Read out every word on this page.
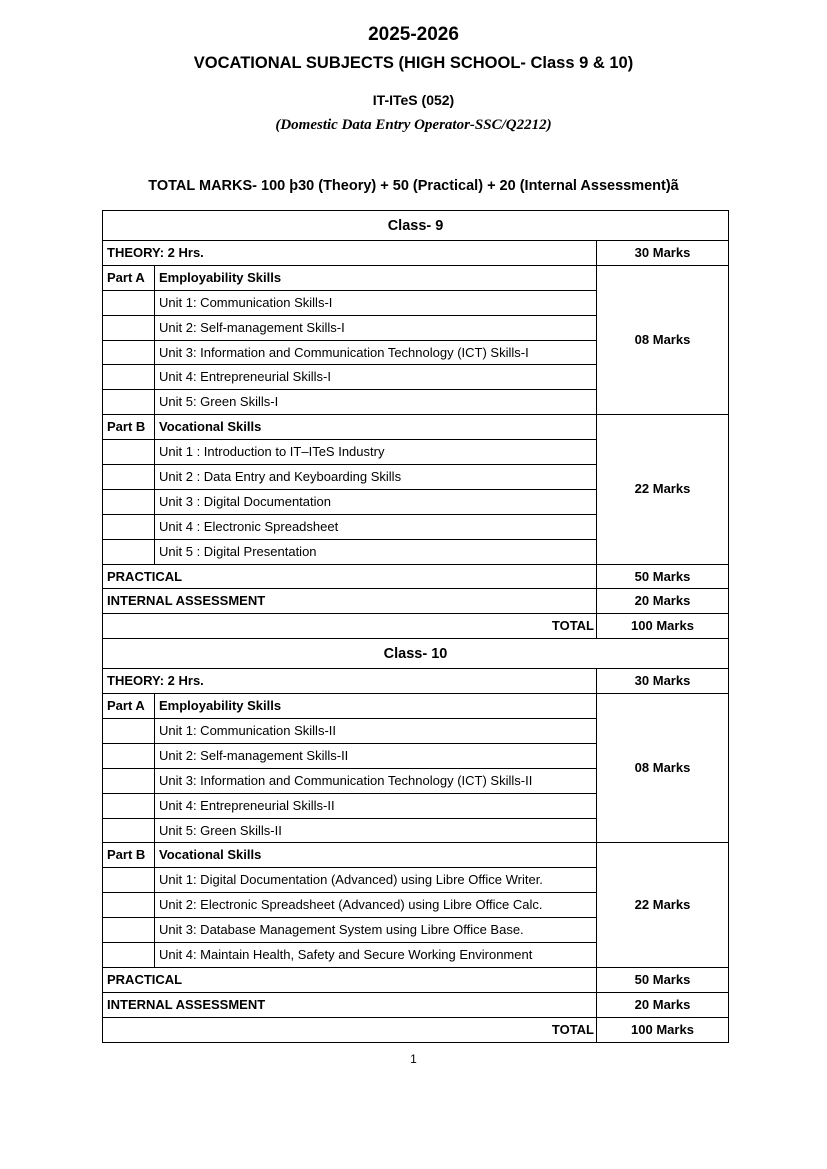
2025-2026
VOCATIONAL SUBJECTS (HIGH SCHOOL- Class 9 & 10)
IT-ITeS (052)
(Domestic Data Entry Operator-SSC/Q2212)
TOTAL MARKS- 100 þ30 (Theory) + 50 (Practical) + 20 (Internal Assessment)ã
Class- 9		
THEORY: 2 Hrs.		30 Marks
Part A	Employability Skills	08 Marks
	Unit 1: Communication Skills-I	
	Unit 2: Self-management Skills-I	
	Unit 3: Information and Communication Technology (ICT) Skills-I	
	Unit 4: Entrepreneurial Skills-I	
	Unit 5: Green Skills-I	
Part B	Vocational Skills	22 Marks
	Unit 1 : Introduction to IT–ITeS Industry	
	Unit 2 : Data Entry and Keyboarding Skills	
	Unit 3 : Digital Documentation	
	Unit 4 : Electronic Spreadsheet	
	Unit 5 : Digital Presentation	
PRACTICAL		50 Marks
INTERNAL ASSESSMENT		20 Marks
TOTAL		100 Marks
Class- 10		
THEORY: 2 Hrs.		30 Marks
Part A	Employability Skills	08 Marks
	Unit 1: Communication Skills-II	
	Unit 2: Self-management Skills-II	
	Unit 3: Information and Communication Technology (ICT) Skills-II	
	Unit 4: Entrepreneurial Skills-II	
	Unit 5: Green Skills-II	
Part B	Vocational Skills	22 Marks
	Unit 1: Digital Documentation (Advanced) using Libre Office Writer.	
	Unit 2: Electronic Spreadsheet (Advanced) using Libre Office Calc.	
	Unit 3: Database Management System using Libre Office Base.	
	Unit 4: Maintain Health, Safety and Secure Working Environment	
PRACTICAL		50 Marks
INTERNAL ASSESSMENT		20 Marks
TOTAL		100 Marks
1
